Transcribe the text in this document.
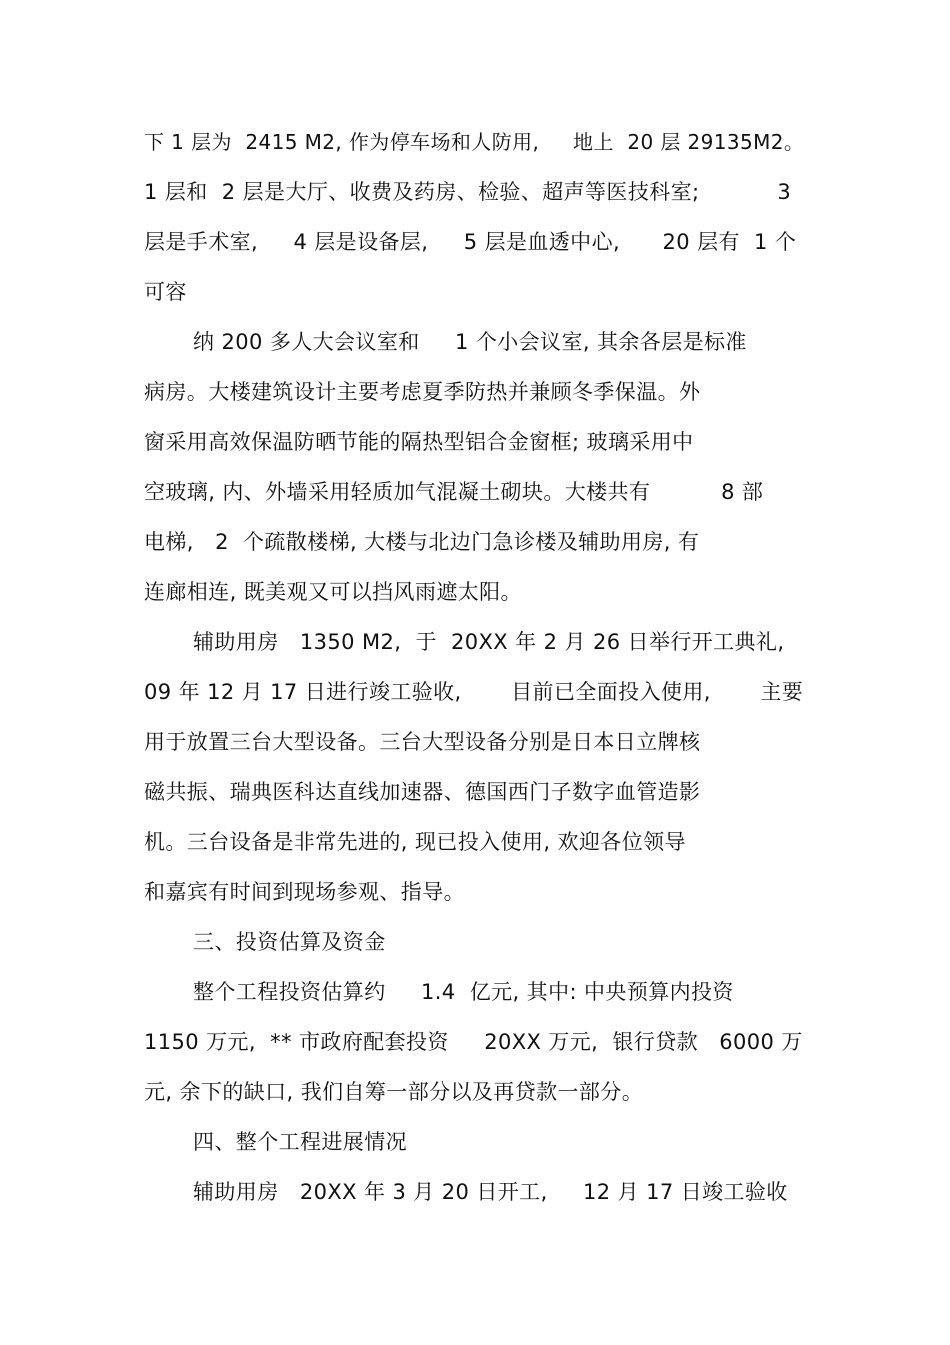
下 1 层为  2415 M2, 作为停车场和人防用,     地上  20 层 29135M2。
1 层和  2 层是大厅、收费及药房、检验、超声等医技科室;           3
层是手术室,     4 层是设备层,     5 层是血透中心,      20 层有  1 个
可容
纳 200 多人大会议室和     1 个小会议室, 其余各层是标准
病房。大楼建筑设计主要考虑夏季防热并兼顾冬季保温。外
窗采用高效保温防晒节能的隔热型铝合金窗框; 玻璃采用中
空玻璃, 内、外墙采用轻质加气混凝土砌块。大楼共有          8 部
电梯,   2  个疏散楼梯, 大楼与北边门急诊楼及辅助用房, 有
连廊相连, 既美观又可以挡风雨遮太阳。
辅助用房   1350 M2,  于  20XX 年 2 月 26 日举行开工典礼,
09 年 12 月 17 日进行竣工验收,       目前已全面投入使用,       主要
用于放置三台大型设备。三台大型设备分别是日本日立牌核
磁共振、瑞典医科达直线加速器、德国西门子数字血管造影
机。三台设备是非常先进的, 现已投入使用, 欢迎各位领导
和嘉宾有时间到现场参观、指导。
三、投资估算及资金
整个工程投资估算约     1.4  亿元, 其中: 中央预算内投资
1150 万元,  ** 市政府配套投资     20XX 万元,  银行贷款   6000 万
元, 余下的缺口, 我们自筹一部分以及再贷款一部分。
四、整个工程进展情况
辅助用房   20XX 年 3 月 20 日开工,     12 月 17 日竣工验收
